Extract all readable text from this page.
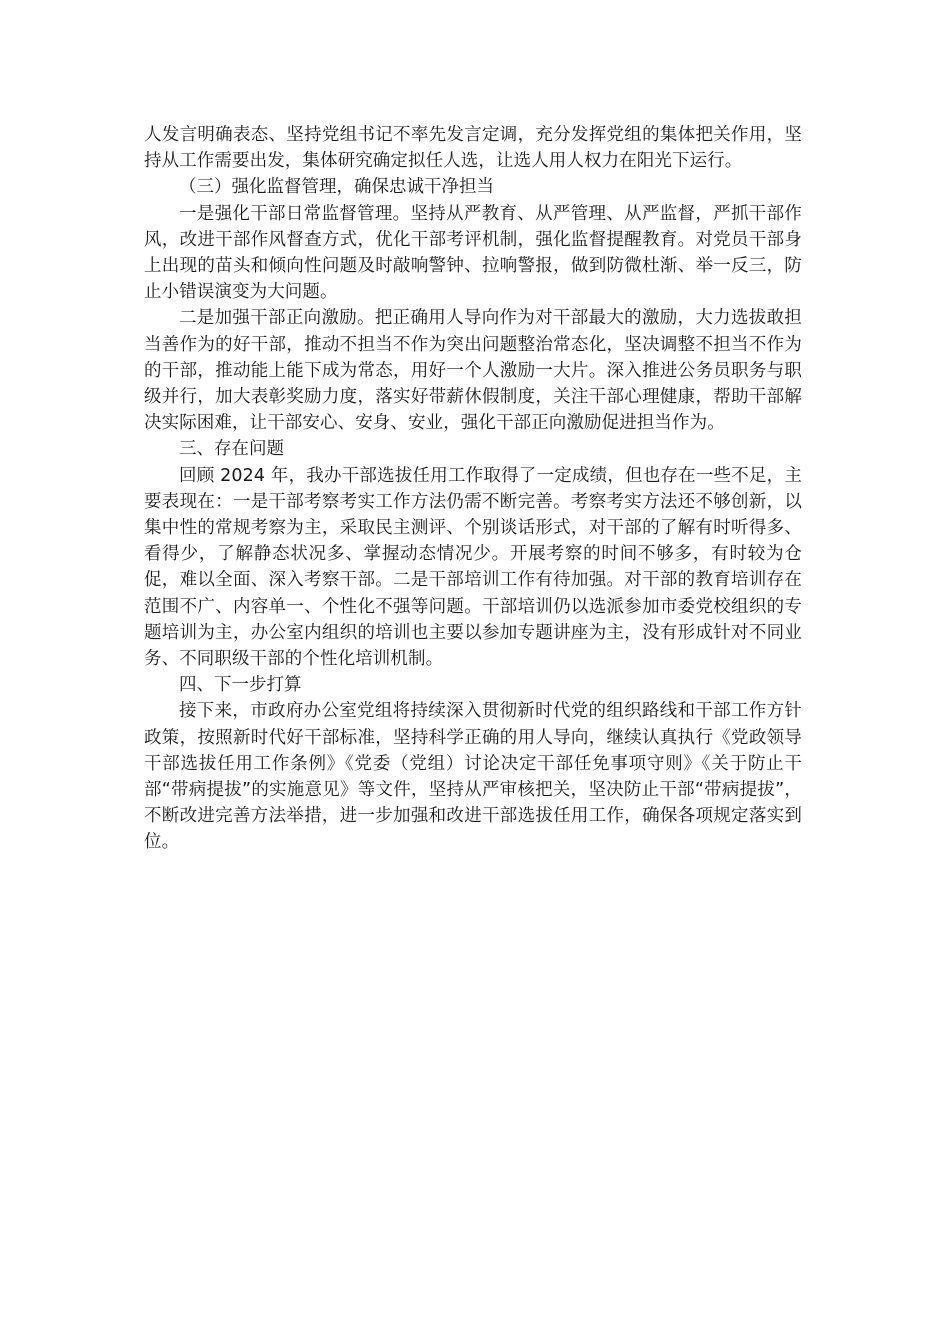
人发言明确表态、坚持党组书记不率先发言定调，充分发挥党组的集体把关作用，坚持从工作需要出发，集体研究确定拟任人选，让选人用人权力在阳光下运行。

（三）强化监督管理，确保忠诚干净担当

一是强化干部日常监督管理。坚持从严教育、从严管理、从严监督，严抓干部作风，改进干部作风督查方式，优化干部考评机制，强化监督提醒教育。对党员干部身上出现的苗头和倾向性问题及时敲响警钟、拉响警报，做到防微杜渐、举一反三，防止小错误演变为大问题。

二是加强干部正向激励。把正确用人导向作为对干部最大的激励，大力选拔敢担当善作为的好干部，推动不担当不作为突出问题整治常态化，坚决调整不担当不作为的干部，推动能上能下成为常态，用好一个人激励一大片。深入推进公务员职务与职级并行，加大表彰奖励力度，落实好带薪休假制度，关注干部心理健康，帮助干部解决实际困难，让干部安心、安身、安业，强化干部正向激励促进担当作为。

三、存在问题

回顾 2024 年，我办干部选拔任用工作取得了一定成绩，但也存在一些不足，主要表现在：一是干部考察考实工作方法仍需不断完善。考察考实方法还不够创新，以集中性的常规考察为主，采取民主测评、个别谈话形式，对干部的了解有时听得多、看得少，了解静态状况多、掌握动态情况少。开展考察的时间不够多，有时较为仓促，难以全面、深入考察干部。二是干部培训工作有待加强。对干部的教育培训存在范围不广、内容单一、个性化不强等问题。干部培训仍以选派参加市委党校组织的专题培训为主，办公室内组织的培训也主要以参加专题讲座为主，没有形成针对不同业务、不同职级干部的个性化培训机制。

四、下一步打算

接下来，市政府办公室党组将持续深入贯彻新时代党的组织路线和干部工作方针政策，按照新时代好干部标准，坚持科学正确的用人导向，继续认真执行《党政领导干部选拔任用工作条例》《党委（党组）讨论决定干部任免事项守则》《关于防止干部“带病提拔”的实施意见》等文件，坚持从严审核把关，坚决防止干部“带病提拔”，不断改进完善方法举措，进一步加强和改进干部选拔任用工作，确保各项规定落实到位。
